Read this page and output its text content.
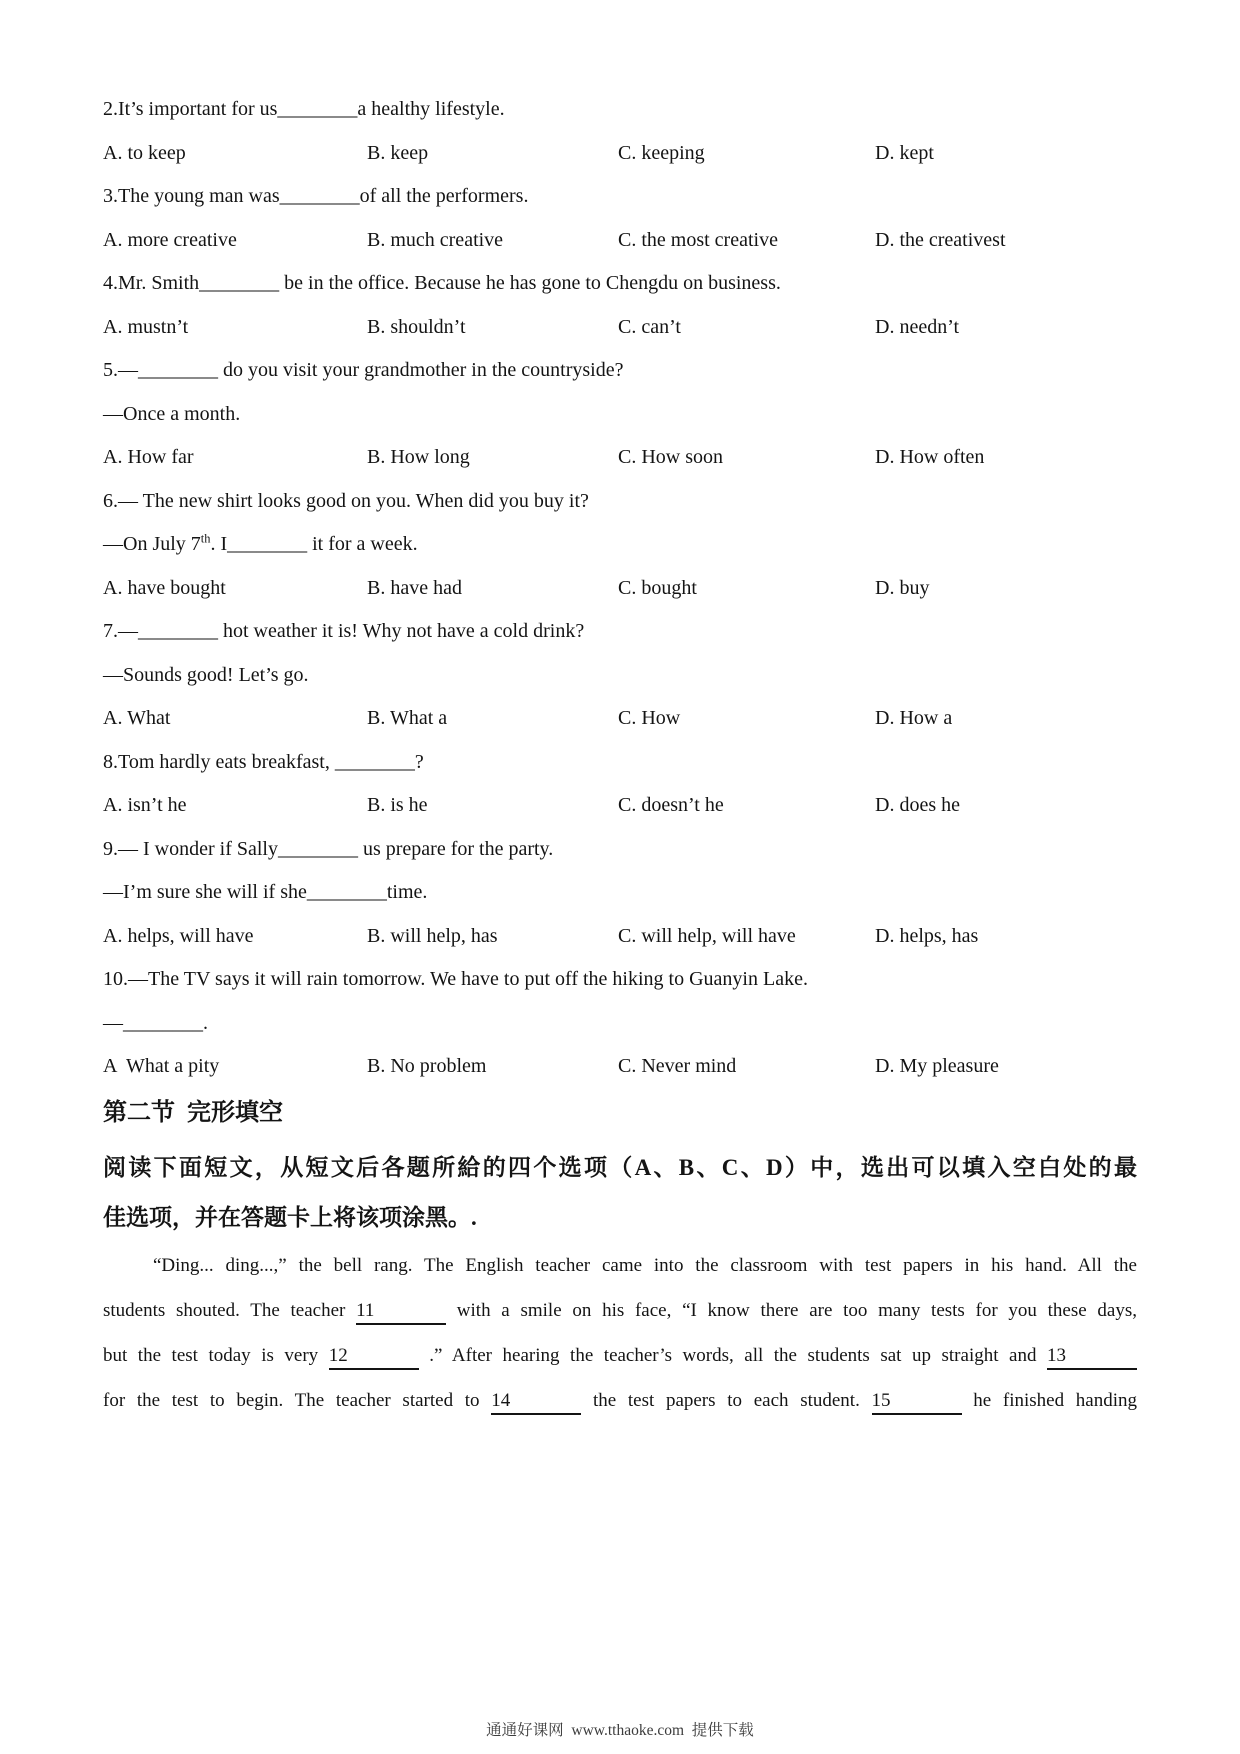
2.It’s important for us________a healthy lifestyle.

A. to keep	B. keep	C. keeping	D. kept

3.The young man was________of all the performers.

A. more creative	B. much creative	C. the most creative	D. the creativest

4.Mr. Smith________ be in the office. Because he has gone to Chengdu on business.

A. mustn’t	B. shouldn’t	C. can’t	D. needn’t

5.—________ do you visit your grandmother in the countryside?

—Once a month.

A. How far	B. How long	C. How soon	D. How often

6.— The new shirt looks good on you. When did you buy it?

—On July 7th. I________ it for a week.

A. have bought	B. have had	C. bought	D. buy

7.—________ hot weather it is! Why not have a cold drink?

—Sounds good! Let’s go.

A. What	B. What a	C. How	D. How a

8.Tom hardly eats breakfast, ________?

A. isn’t he	B. is he	C. doesn’t he	D. does he

9.— I wonder if Sally________ us prepare for the party.

—I’m sure she will if she________time.

A. helps, will have	B. will help, has	C. will help, will have	D. helps, has

10.—The TV says it will rain tomorrow. We have to put off the hiking to Guanyin Lake.

—________.

A  What a pity	B. No problem	C. Never mind	D. My pleasure
第二节  完形填空
阅读下面短文，从短文后各题所給的四个选项（A、B、C、D）中，选出可以填入空白处的最
佳选项，并在答题卡上将该项涂黑。.
“Ding... ding...,” the bell rang. The English teacher came into the classroom with test papers in his hand. All the
students shouted. The teacher 11	with a smile on his face, “I know there are too many tests for you these days,
but the test today is very 12	.” After hearing the teacher’s words, all the students sat up straight and 13
for the test to begin. The teacher started to 14	the test papers to each student. 15	he finished handing
通通好课网  www.tthaoke.com  提供下载
